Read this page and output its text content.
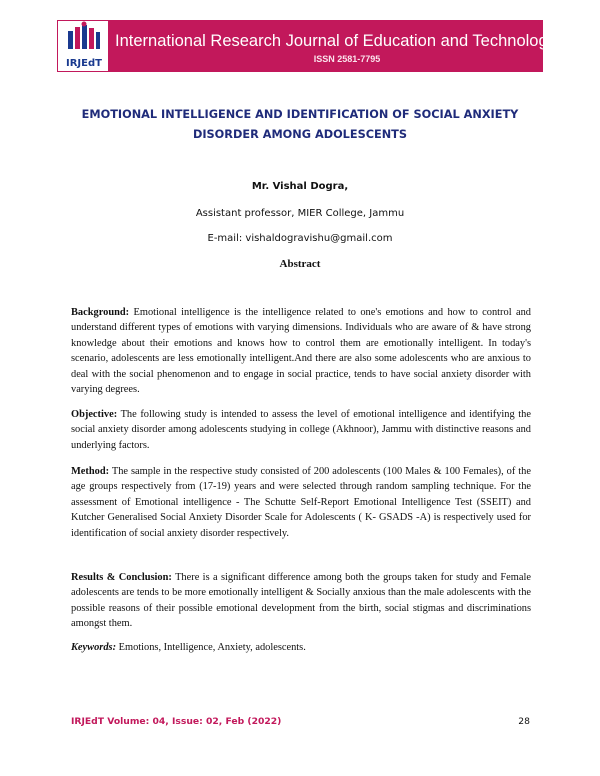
IRJEdT
International Research Journal of Education and Technology
ISSN 2581-7795
EMOTIONAL INTELLIGENCE AND IDENTIFICATION OF SOCIAL ANXIETY DISORDER AMONG ADOLESCENTS
Mr. Vishal Dogra,
Assistant professor, MIER College, Jammu
E-mail: vishaldogravishu@gmail.com
Abstract

Background: Emotional intelligence is the intelligence related to one's emotions and how to control and understand different types of emotions with varying dimensions. Individuals who are aware of & have strong knowledge about their emotions and knows how to control them are emotionally intelligent. In today's scenario, adolescents are less emotionally intelligent.And there are also some adolescents who are anxious to deal with the social phenomenon and to engage in social practice, tends to have social anxiety disorder with varying degrees.

Objective: The following study is intended to assess the level of emotional intelligence and identifying the social anxiety disorder among adolescents studying in college (Akhnoor), Jammu with distinctive reasons and underlying factors.

Method: The sample in the respective study consisted of 200 adolescents (100 Males & 100 Females), of the age groups respectively from (17-19) years and were selected through random sampling technique. For the assessment of Emotional intelligence - The Schutte Self-Report Emotional Intelligence Test (SSEIT) and Kutcher Generalised Social Anxiety Disorder Scale for Adolescents ( K- GSADS -A) is respectively used for identification of social anxiety disorder respectively.

Results & Conclusion: There is a significant difference among both the groups taken for study and Female adolescents are tends to be more emotionally intelligent & Socially anxious than the male adolescents with the possible reasons of their possible emotional development from the birth, social stigmas and discriminations amongst them.

Keywords: Emotions, Intelligence, Anxiety, adolescents.

IRJEdT Volume: 04, Issue: 02, Feb (2022)	28
